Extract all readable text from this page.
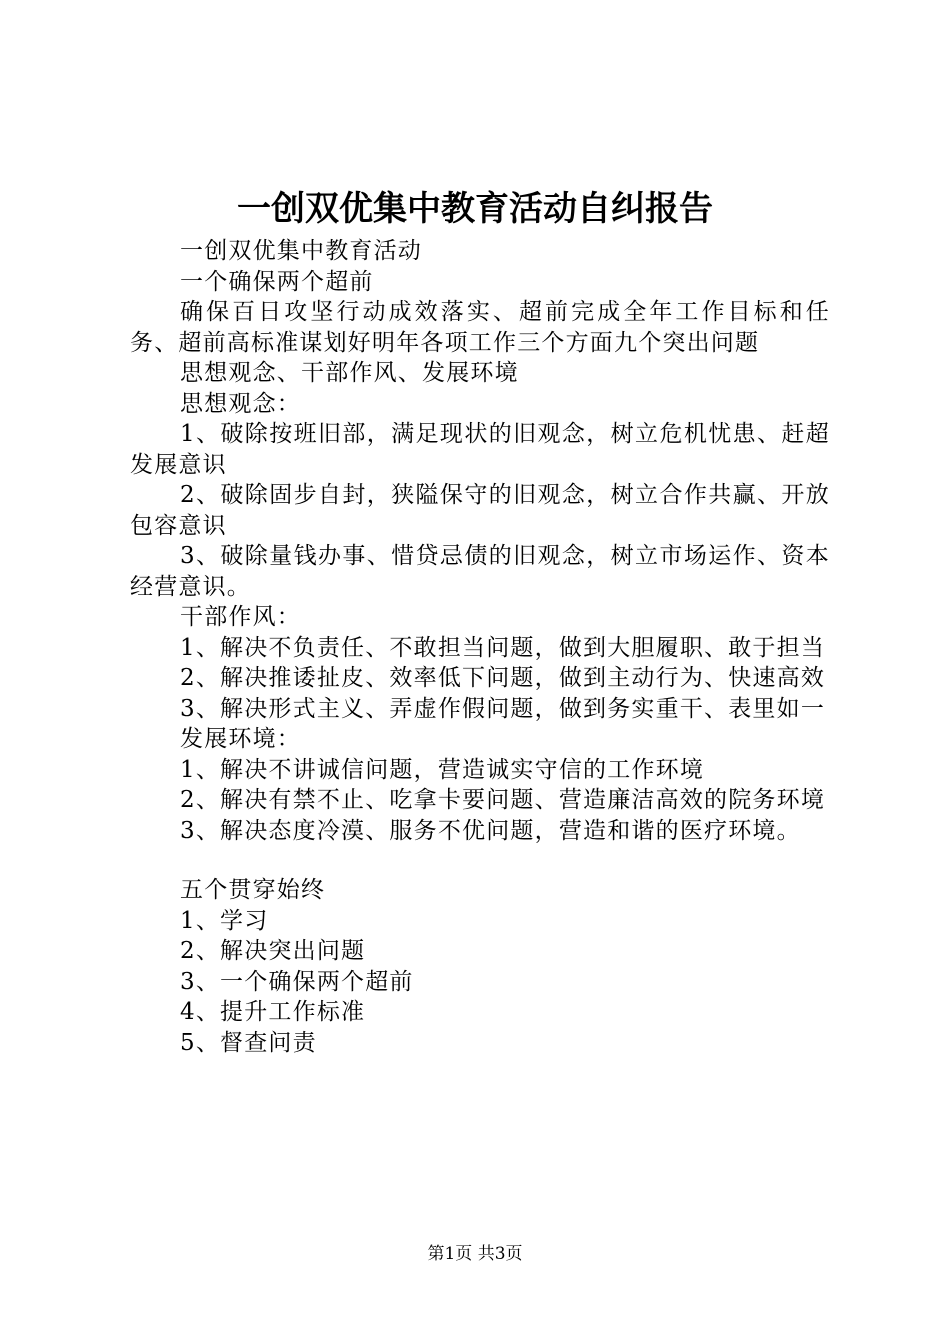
一创双优集中教育活动自纠报告

一创双优集中教育活动

一个确保两个超前

确保百日攻坚行动成效落实、超前完成全年工作目标和任务、超前高标准谋划好明年各项工作三个方面九个突出问题

思想观念、干部作风、发展环境

思想观念：

1、破除按班旧部，满足现状的旧观念，树立危机忧患、赶超发展意识

2、破除固步自封，狭隘保守的旧观念，树立合作共赢、开放包容意识

3、破除量钱办事、惜贷忌债的旧观念，树立市场运作、资本经营意识。

干部作风：

1、解决不负责任、不敢担当问题，做到大胆履职、敢于担当

2、解决推诿扯皮、效率低下问题，做到主动行为、快速高效

3、解决形式主义、弄虚作假问题，做到务实重干、表里如一

发展环境：

1、解决不讲诚信问题，营造诚实守信的工作环境

2、解决有禁不止、吃拿卡要问题、营造廉洁高效的院务环境

3、解决态度冷漠、服务不优问题，营造和谐的医疗环境。

五个贯穿始终

1、学习

2、解决突出问题

3、一个确保两个超前

4、提升工作标准

5、督查问责

第1页 共3页
